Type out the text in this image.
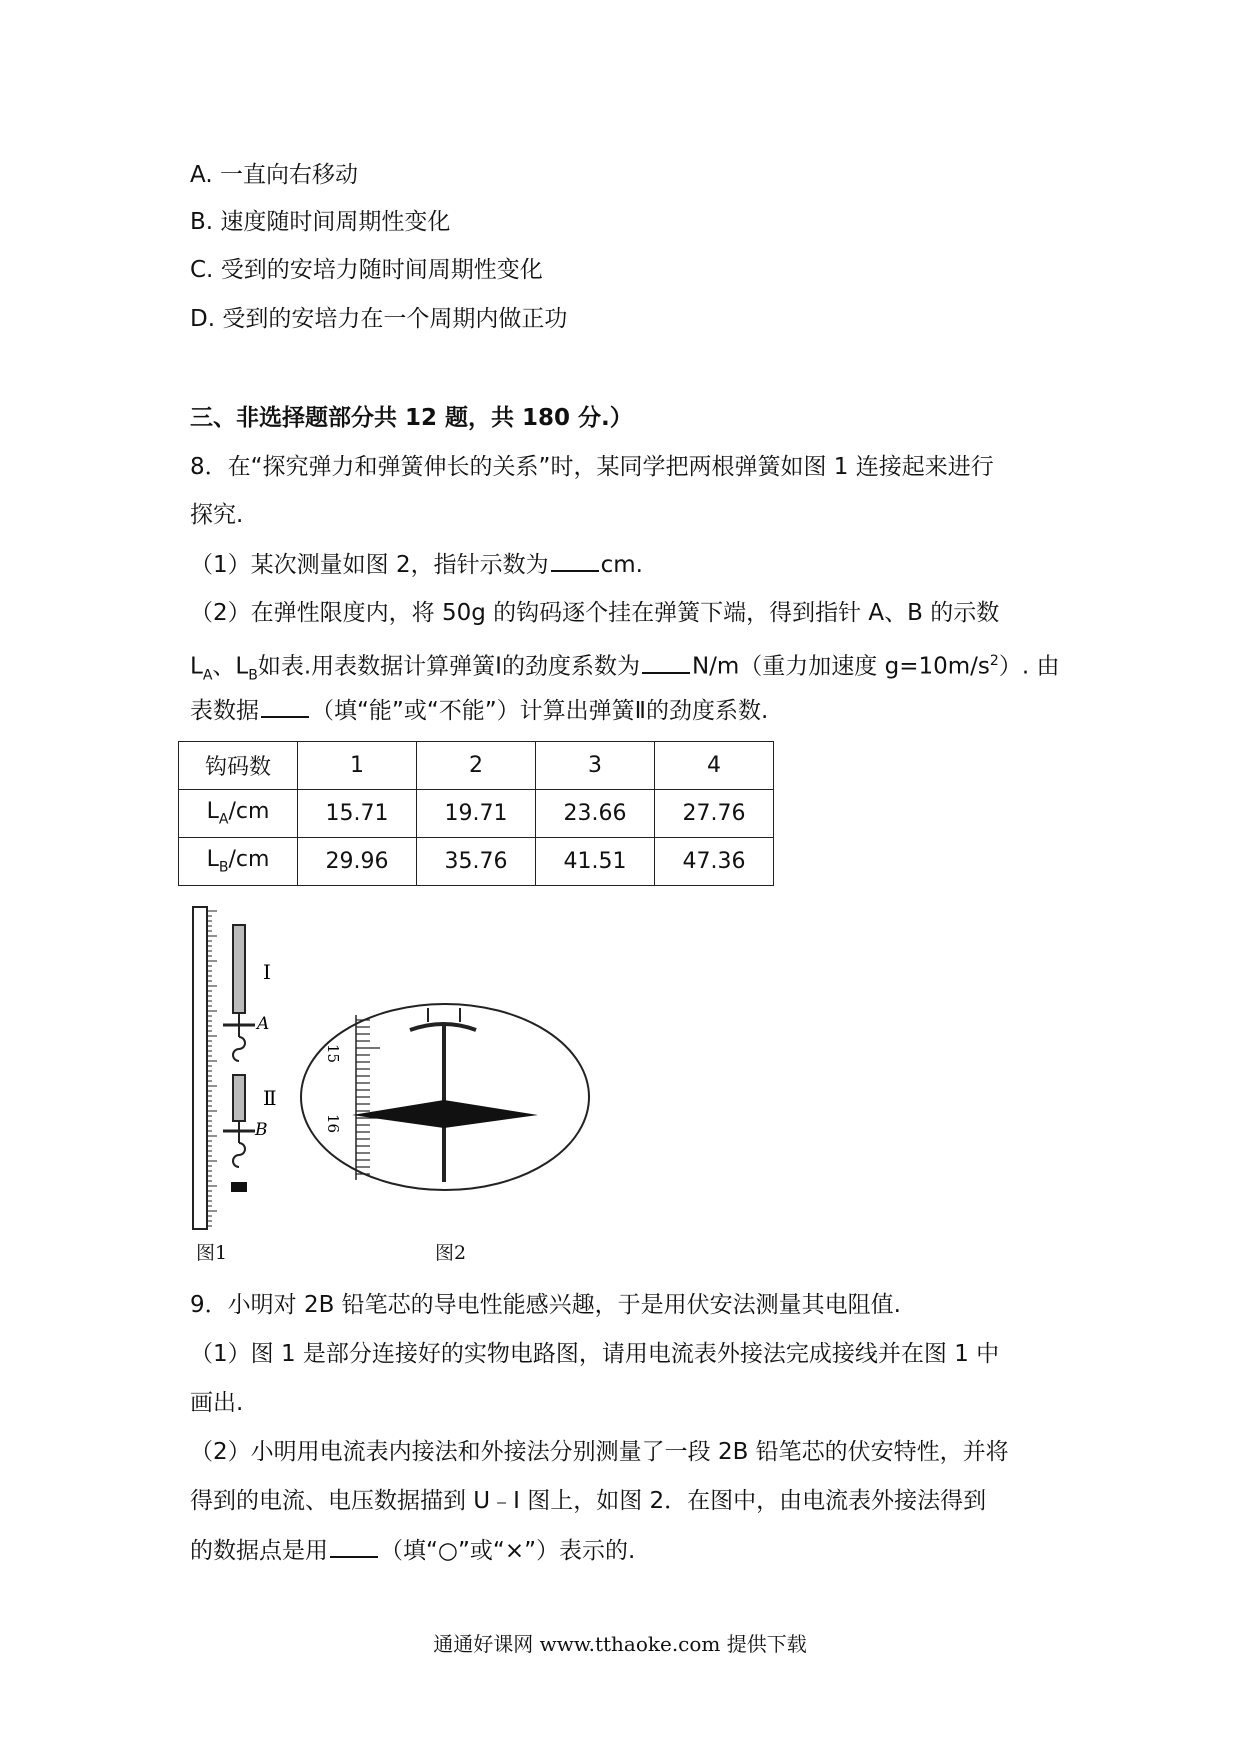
A. 一直向右移动
B. 速度随时间周期性变化
C. 受到的安培力随时间周期性变化
D. 受到的安培力在一个周期内做正功
三、非选择题部分共 12 题，共 180 分.）
8．在“探究弹力和弹簧伸长的关系”时，某同学把两根弹簧如图 1 连接起来进行
探究.
（1）某次测量如图 2，指针示数为 cm.
（2）在弹性限度内，将 50g 的钩码逐个挂在弹簧下端，得到指针 A、B 的示数
$L_A$、$L_B$如表.用表数据计算弹簧Ⅰ的劲度系数为 N/m（重力加速度 $g=10m/s^2$）. 由
表数据 （填“能”或“不能”）计算出弹簧Ⅱ的劲度系数.
钩码数	1	2	3	4
$L_A/cm$	15.71	19.71	23.66	27.76
$L_B/cm$	29.96	35.76	41.51	47.36
Ⅰ
A
Ⅱ
B
图1
15
16
图2
9．小明对 2B 铅笔芯的导电性能感兴趣，于是用伏安法测量其电阻值.
（1）图 1 是部分连接好的实物电路图，请用电流表外接法完成接线并在图 1 中
画出.
（2）小明用电流表内接法和外接法分别测量了一段 2B 铅笔芯的伏安特性，并将
得到的电流、电压数据描到 U﹣I 图上，如图 2．在图中，由电流表外接法得到
的数据点是用 （填“○”或“×”）表示的.
通通好课网 www.tthaoke.com 提供下载
